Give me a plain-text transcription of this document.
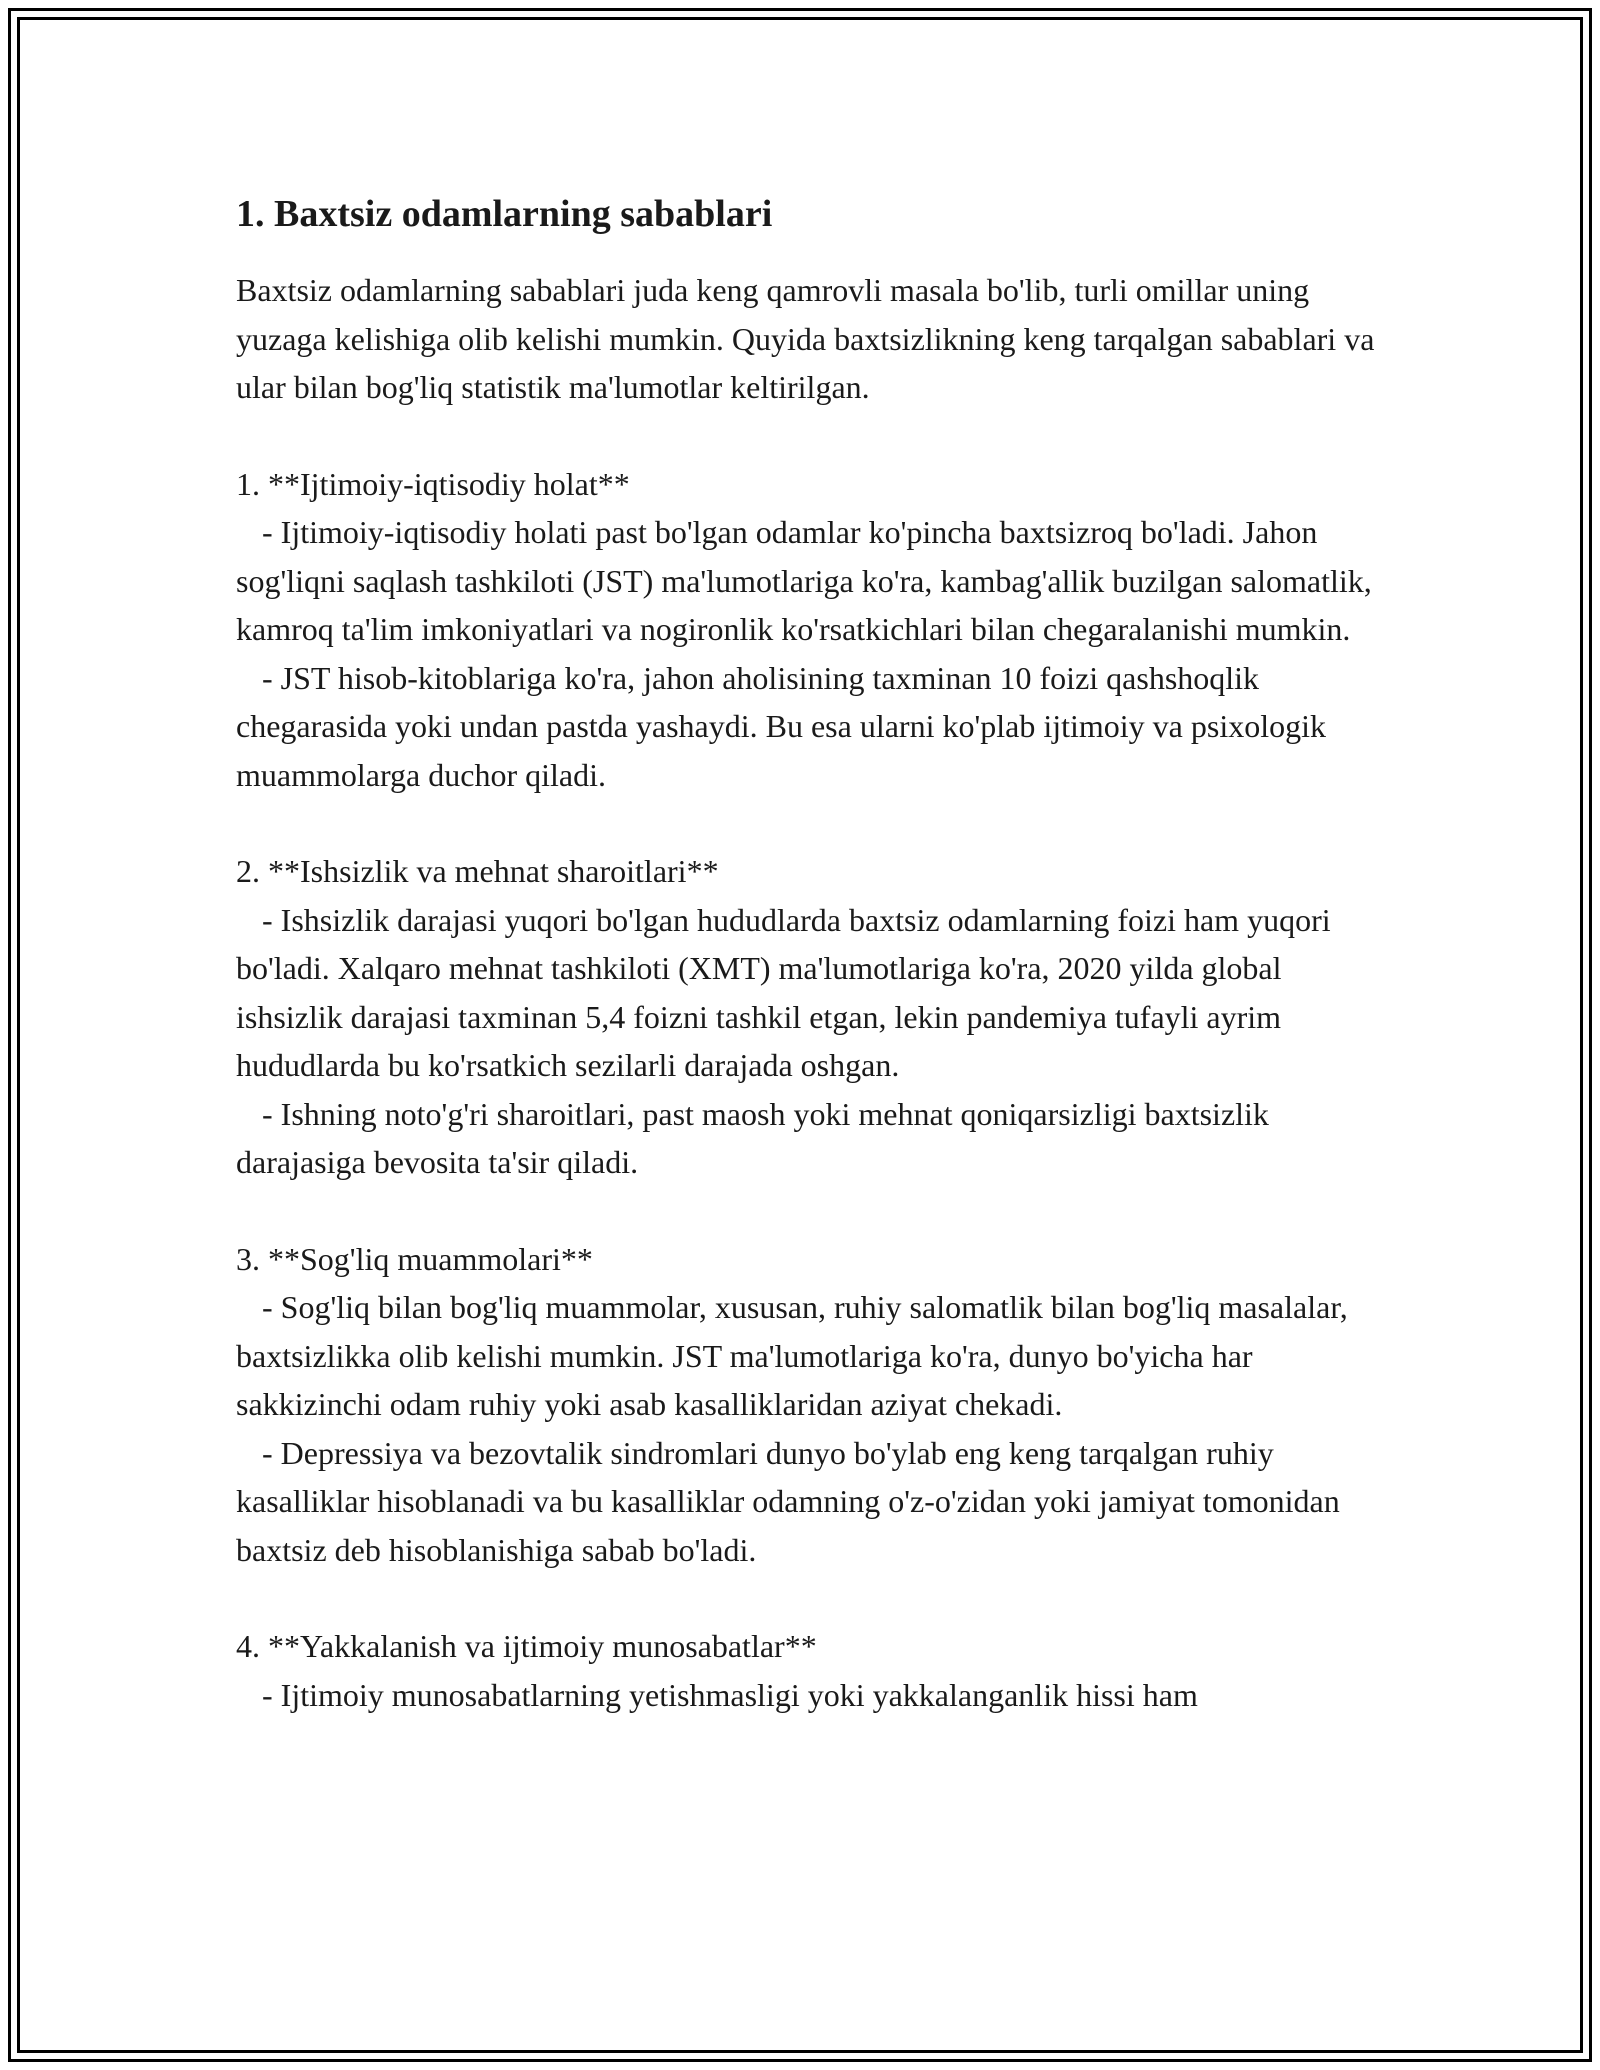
1. Baxtsiz odamlarning sabablari

Baxtsiz odamlarning sabablari juda keng qamrovli masala bo'lib, turli omillar uning yuzaga kelishiga olib kelishi mumkin. Quyida baxtsizlikning keng tarqalgan sabablari va ular bilan bog'liq statistik ma'lumotlar keltirilgan.

1. **Ijtimoiy-iqtisodiy holat**
- Ijtimoiy-iqtisodiy holati past bo'lgan odamlar ko'pincha baxtsizroq bo'ladi. Jahon sog'liqni saqlash tashkiloti (JST) ma'lumotlariga ko'ra, kambag'allik buzilgan salomatlik, kamroq ta'lim imkoniyatlari va nogironlik ko'rsatkichlari bilan chegaralanishi mumkin.
- JST hisob-kitoblariga ko'ra, jahon aholisining taxminan 10 foizi qashshoqlik chegarasida yoki undan pastda yashaydi. Bu esa ularni ko'plab ijtimoiy va psixologik muammolarga duchor qiladi.
2. **Ishsizlik va mehnat sharoitlari**
- Ishsizlik darajasi yuqori bo'lgan hududlarda baxtsiz odamlarning foizi ham yuqori bo'ladi. Xalqaro mehnat tashkiloti (XMT) ma'lumotlariga ko'ra, 2020 yilda global ishsizlik darajasi taxminan 5,4 foizni tashkil etgan, lekin pandemiya tufayli ayrim hududlarda bu ko'rsatkich sezilarli darajada oshgan.
- Ishning noto'g'ri sharoitlari, past maosh yoki mehnat qoniqarsizligi baxtsizlik darajasiga bevosita ta'sir qiladi.
3. **Sog'liq muammolari**
- Sog'liq bilan bog'liq muammolar, xususan, ruhiy salomatlik bilan bog'liq masalalar, baxtsizlikka olib kelishi mumkin. JST ma'lumotlariga ko'ra, dunyo bo'yicha har sakkizinchi odam ruhiy yoki asab kasalliklaridan aziyat chekadi.
- Depressiya va bezovtalik sindromlari dunyo bo'ylab eng keng tarqalgan ruhiy kasalliklar hisoblanadi va bu kasalliklar odamning o'z-o'zidan yoki jamiyat tomonidan baxtsiz deb hisoblanishiga sabab bo'ladi.
4. **Yakkalanish va ijtimoiy munosabatlar**
- Ijtimoiy munosabatlarning yetishmasligi yoki yakkalanganlik hissi ham
